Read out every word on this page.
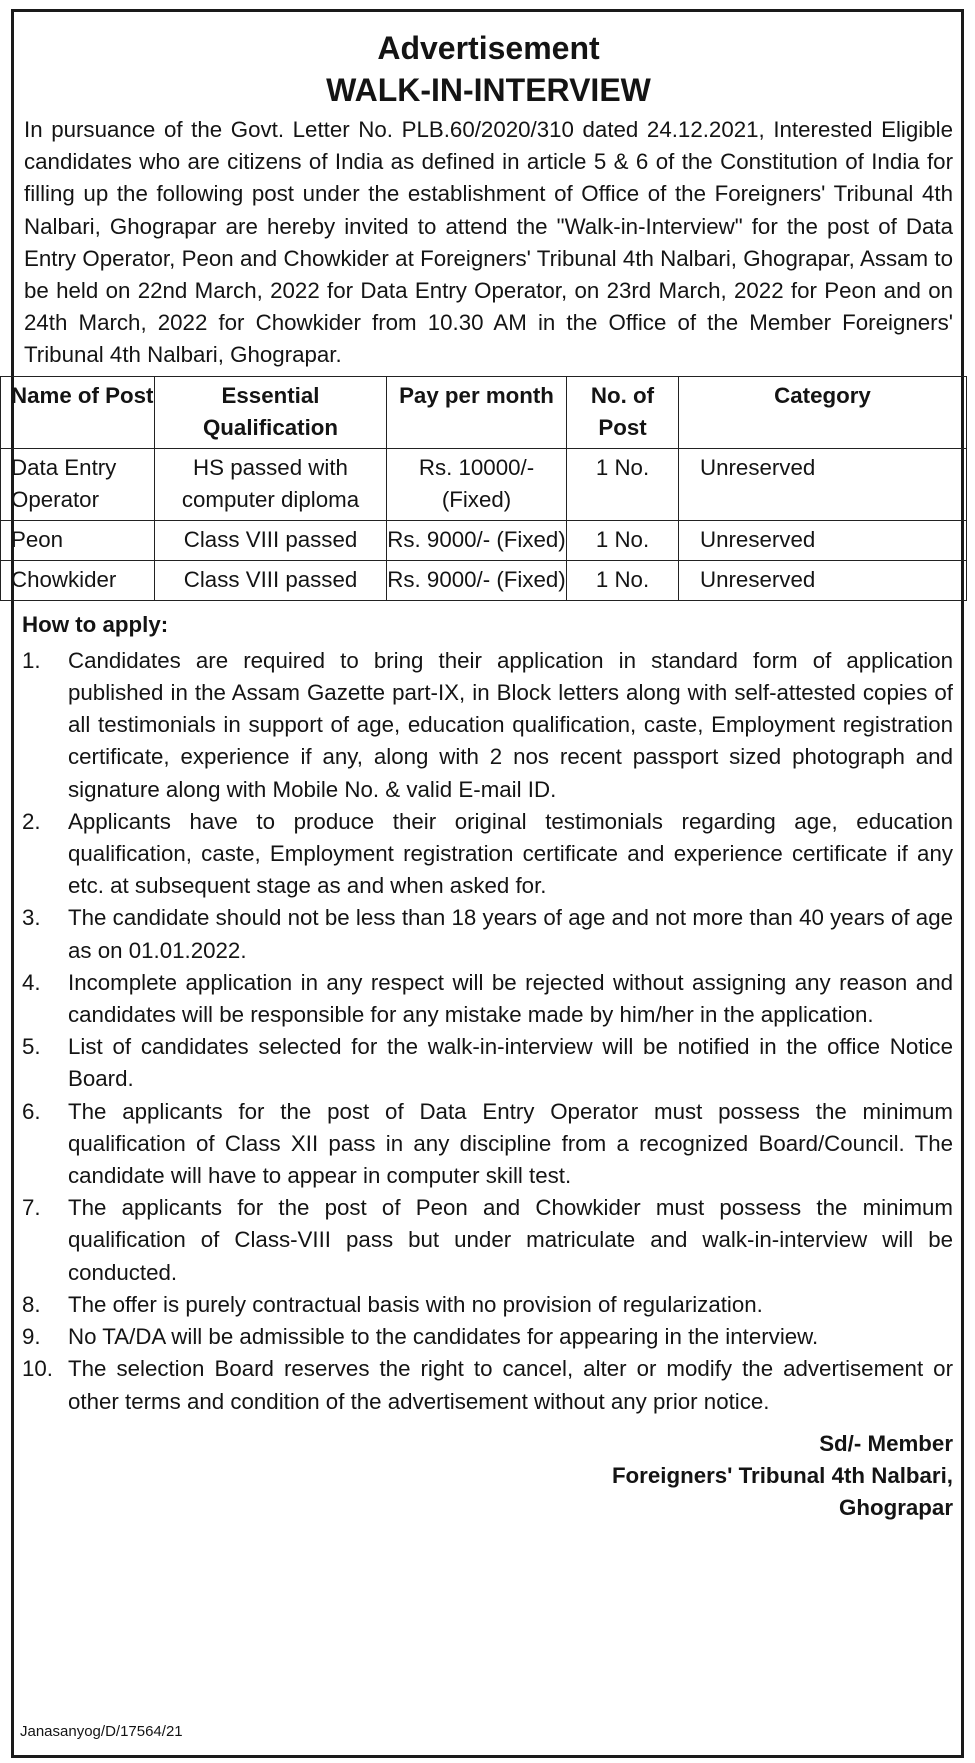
Advertisement
WALK-IN-INTERVIEW

In pursuance of the Govt. Letter No. PLB.60/2020/310 dated 24.12.2021, Interested Eligible candidates who are citizens of India as defined in article 5 & 6 of the Constitution of India for filling up the following post under the establishment of Office of the Foreigners' Tribunal 4th Nalbari, Ghograpar are hereby invited to attend the "Walk-in-Interview" for the post of Data Entry Operator, Peon and Chowkider at Foreigners' Tribunal 4th Nalbari, Ghograpar, Assam to be held on 22nd March, 2022 for Data Entry Operator, on 23rd March, 2022 for Peon and on 24th March, 2022 for Chowkider from 10.30 AM in the Office of the Member Foreigners' Tribunal 4th Nalbari, Ghograpar.

Name of Post	Essential Qualification	Pay per month	No. of Post	Category
Data Entry Operator	HS passed with computer diploma	Rs. 10000/- (Fixed)	1 No.	Unreserved
Peon	Class VIII passed	Rs. 9000/- (Fixed)	1 No.	Unreserved
Chowkider	Class VIII passed	Rs. 9000/- (Fixed)	1 No.	Unreserved
How to apply:
1. Candidates are required to bring their application in standard form of application published in the Assam Gazette part-IX, in Block letters along with self-attested copies of all testimonials in support of age, education qualification, caste, Employment registration certificate, experience if any, along with 2 nos recent passport sized photograph and signature along with Mobile No. & valid E-mail ID.
2. Applicants have to produce their original testimonials regarding age, education qualification, caste, Employment registration certificate and experience certificate if any etc. at subsequent stage as and when asked for.
3. The candidate should not be less than 18 years of age and not more than 40 years of age as on 01.01.2022.
4. Incomplete application in any respect will be rejected without assigning any reason and candidates will be responsible for any mistake made by him/her in the application.
5. List of candidates selected for the walk-in-interview will be notified in the office Notice Board.
6. The applicants for the post of Data Entry Operator must possess the minimum qualification of Class XII pass in any discipline from a recognized Board/Council. The candidate will have to appear in computer skill test.
7. The applicants for the post of Peon and Chowkider must possess the minimum qualification of Class-VIII pass but under matriculate and walk-in-interview will be conducted.
8. The offer is purely contractual basis with no provision of regularization.
9. No TA/DA will be admissible to the candidates for appearing in the interview.
10. The selection Board reserves the right to cancel, alter or modify the advertisement or other terms and condition of the advertisement without any prior notice.
Sd/- Member
Foreigners' Tribunal 4th Nalbari,
Ghograpar
Janasanyog/D/17564/21
